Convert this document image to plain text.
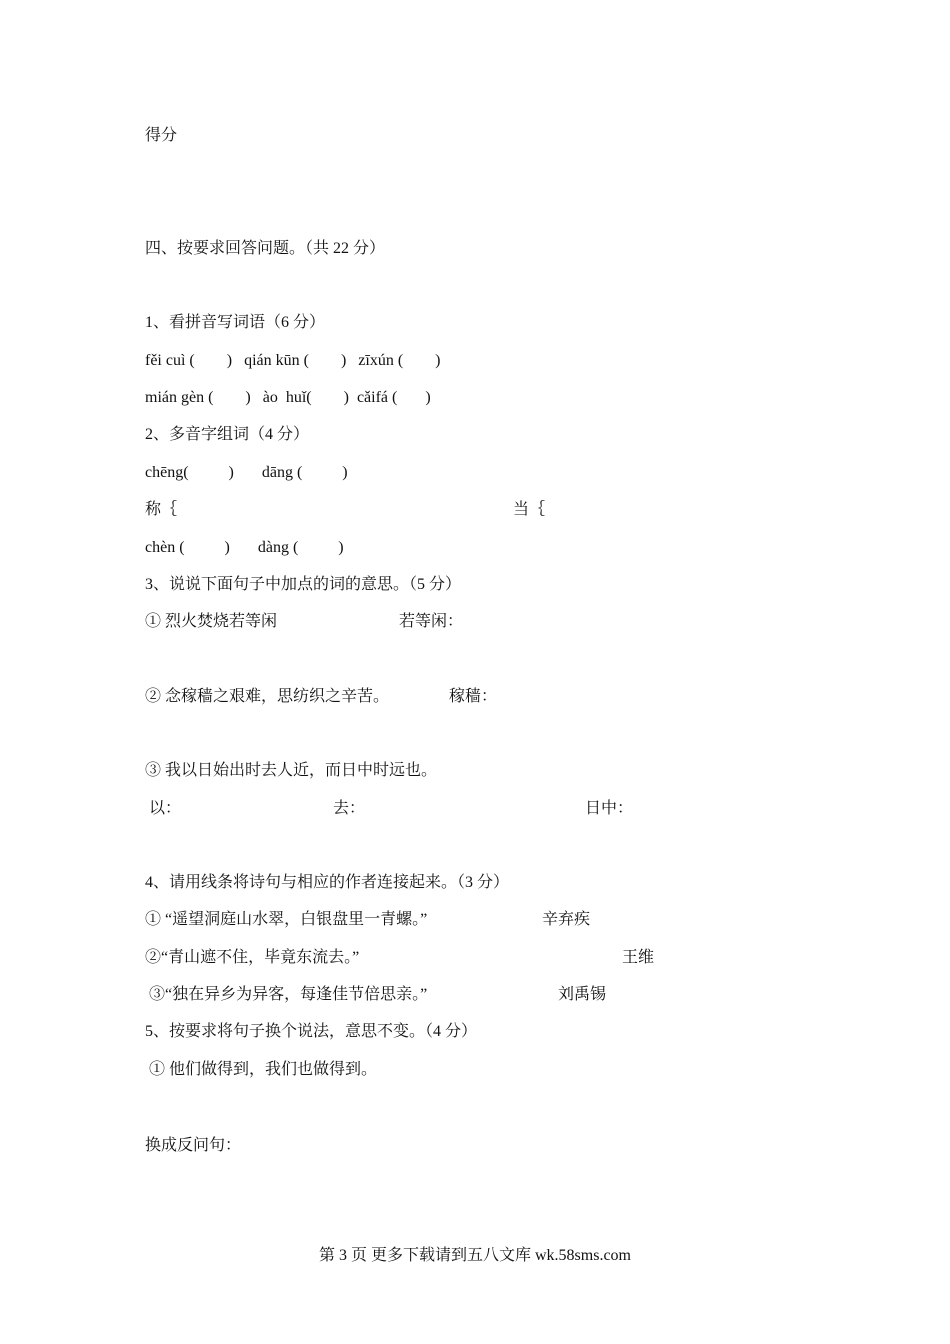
得分
四、按要求回答问题。（共 22 分）
1、看拼音写词语（6 分）
fěi cuì (        )   qián kūn (        )   zīxún (        )
mián gèn (        )   ào  huǐ(        )  cǎifá (       )
2、多音字组词（4 分）
chēng(          )       dāng (          )
称｛	当｛
chèn (          )       dàng (          )
3、说说下面句子中加点的词的意思。（5 分）
① 烈火焚烧若等闲	若等闲：
② 念稼穑之艰难，思纺织之辛苦。	稼穑：
③ 我以日始出时去人近，而日中时远也。
以：	去：	日中：
4、请用线条将诗句与相应的作者连接起来。（3 分）
① “遥望洞庭山水翠，白银盘里一青螺。”	辛弃疾
②“青山遮不住，毕竟东流去。”	王维
③“独在异乡为异客，每逢佳节倍思亲。”	刘禹锡
5、按要求将句子换个说法，意思不变。（4 分）
① 他们做得到，我们也做得到。
换成反问句：
第 3 页 更多下载请到五八文库 wk.58sms.com
